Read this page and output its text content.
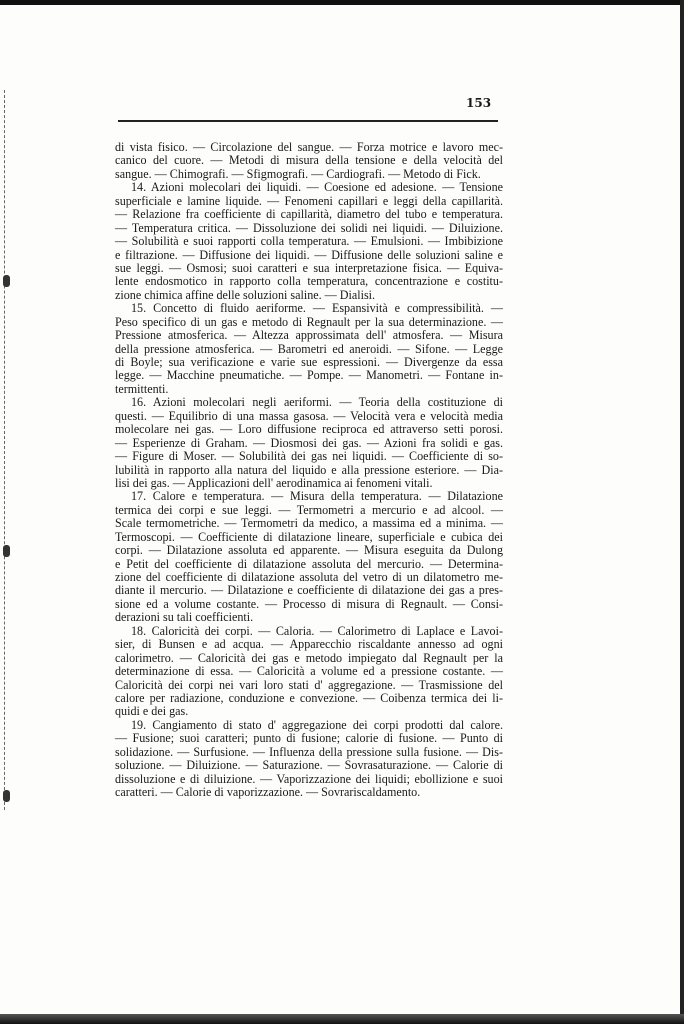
153
di vista fisico. — Circolazione del sangue. — Forza motrice e lavoro mec-
canico del cuore. — Metodi di misura della tensione e della velocità del
sangue. — Chimografi. — Sfigmografi. — Cardiografi. — Metodo di Fick.
14. Azioni molecolari dei liquidi. — Coesione ed adesione. — Tensione
superficiale e lamine liquide. — Fenomeni capillari e leggi della capillarità.
— Relazione fra coefficiente di capillarità, diametro del tubo e temperatura.
— Temperatura critica. — Dissoluzione dei solidi nei liquidi. — Diluizione.
— Solubilità e suoi rapporti colla temperatura. — Emulsioni. — Imbibizione
e filtrazione. — Diffusione dei liquidi. — Diffusione delle soluzioni saline e
sue leggi. — Osmosi; suoi caratteri e sua interpretazione fisica. — Equiva-
lente endosmotico in rapporto colla temperatura, concentrazione e costitu-
zione chimica affine delle soluzioni saline. — Dialisi.
15. Concetto di fluido aeriforme. — Espansività e compressibilità. —
Peso specifico di un gas e metodo di Regnault per la sua determinazione. —
Pressione atmosferica. — Altezza approssimata dell' atmosfera. — Misura
della pressione atmosferica. — Barometri ed aneroidi. — Sifone. — Legge
di Boyle; sua verificazione e varie sue espressioni. — Divergenze da essa
legge. — Macchine pneumatiche. — Pompe. — Manometri. — Fontane in-
termittenti.
16. Azioni molecolari negli aeriformi. — Teoria della costituzione di
questi. — Equilibrio di una massa gasosa. — Velocità vera e velocità media
molecolare nei gas. — Loro diffusione reciproca ed attraverso setti porosi.
— Esperienze di Graham. — Diosmosi dei gas. — Azioni fra solidi e gas.
— Figure di Moser. — Solubilità dei gas nei liquidi. — Coefficiente di so-
lubilità in rapporto alla natura del liquido e alla pressione esteriore. — Dia-
lisi dei gas. — Applicazioni dell' aerodinamica ai fenomeni vitali.
17. Calore e temperatura. — Misura della temperatura. — Dilatazione
termica dei corpi e sue leggi. — Termometri a mercurio e ad alcool. —
Scale termometriche. — Termometri da medico, a massima ed a minima. —
Termoscopi. — Coefficiente di dilatazione lineare, superficiale e cubica dei
corpi. — Dilatazione assoluta ed apparente. — Misura eseguita da Dulong
e Petit del coefficiente di dilatazione assoluta del mercurio. — Determina-
zione del coefficiente di dilatazione assoluta del vetro di un dilatometro me-
diante il mercurio. — Dilatazione e coefficiente di dilatazione dei gas a pres-
sione ed a volume costante. — Processo di misura di Regnault. — Consi-
derazioni su tali coefficienti.
18. Caloricità dei corpi. — Caloria. — Calorimetro di Laplace e Lavoi-
sier, di Bunsen e ad acqua. — Apparecchio riscaldante annesso ad ogni
calorimetro. — Caloricità dei gas e metodo impiegato dal Regnault per la
determinazione di essa. — Caloricità a volume ed a pressione costante. —
Caloricità dei corpi nei vari loro stati d' aggregazione. — Trasmissione del
calore per radiazione, conduzione e convezione. — Coibenza termica dei li-
quidi e dei gas.
19. Cangiamento di stato d' aggregazione dei corpi prodotti dal calore.
— Fusione; suoi caratteri; punto di fusione; calorie di fusione. — Punto di
solidazione. — Surfusione. — Influenza della pressione sulla fusione. — Dis-
soluzione. — Diluizione. — Saturazione. — Sovrasaturazione. — Calorie di
dissoluzione e di diluizione. — Vaporizzazione dei liquidi; ebollizione e suoi
caratteri. — Calorie di vaporizzazione. — Sovrariscaldamento.
